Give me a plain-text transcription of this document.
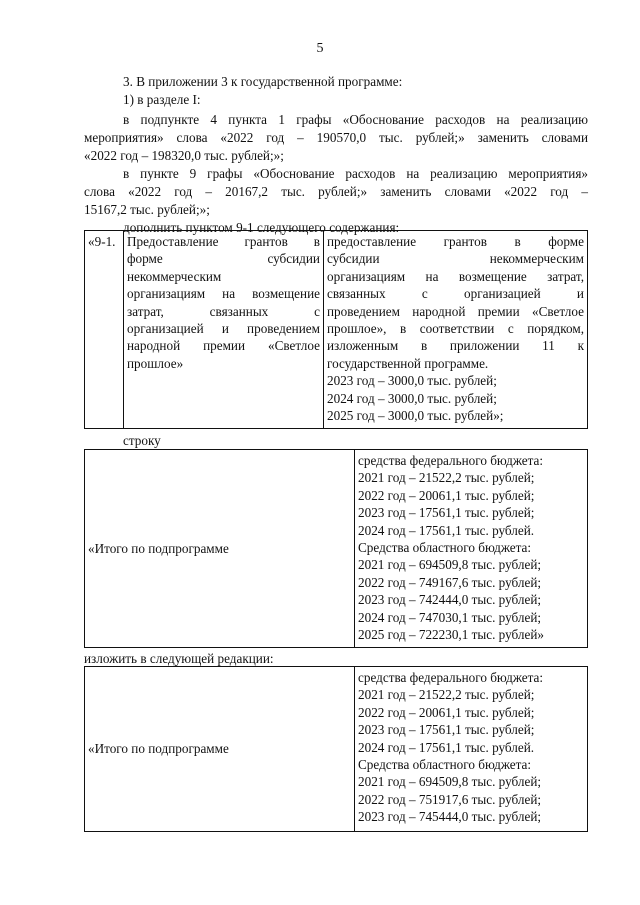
5
3. В приложении 3 к государственной программе:
1) в разделе I:
в подпункте 4 пункта 1 графы «Обоснование расходов на реализацию
мероприятия» слова «2022 год – 190570,0 тыс. рублей;» заменить словами
«2022 год – 198320,0 тыс. рублей;»;
в пункте 9 графы «Обоснование расходов на реализацию мероприятия»
слова «2022 год – 20167,2 тыс. рублей;» заменить словами «2022 год –
15167,2 тыс. рублей;»;
дополнить пунктом 9-1 следующего содержания:
«9-1.	Предоставление грантов в
форме субсидии
некоммерческим
организациям на возмещение
затрат, связанных с
организацией и проведением
народной премии «Светлое
прошлое»

предоставление грантов в форме
субсидии некоммерческим
организациям на возмещение затрат,
связанных с организацией и
проведением народной премии «Светлое
прошлое», в соответствии с порядком,
изложенным в приложении 11 к
государственной программе.
2023 год – 3000,0 тыс. рублей;
2024 год – 3000,0 тыс. рублей;
2025 год – 3000,0 тыс. рублей»;
строку
«Итого по подпрограмме	
средства федерального бюджета:
2021 год – 21522,2 тыс. рублей;
2022 год – 20061,1 тыс. рублей;
2023 год – 17561,1 тыс. рублей;
2024 год – 17561,1 тыс. рублей.
Средства областного бюджета:
2021 год – 694509,8 тыс. рублей;
2022 год – 749167,6 тыс. рублей;
2023 год – 742444,0 тыс. рублей;
2024 год – 747030,1 тыс. рублей;
2025 год – 722230,1 тыс. рублей»
изложить в следующей редакции:
«Итого по подпрограмме	
средства федерального бюджета:
2021 год – 21522,2 тыс. рублей;
2022 год – 20061,1 тыс. рублей;
2023 год – 17561,1 тыс. рублей;
2024 год – 17561,1 тыс. рублей.
Средства областного бюджета:
2021 год – 694509,8 тыс. рублей;
2022 год – 751917,6 тыс. рублей;
2023 год – 745444,0 тыс. рублей;
